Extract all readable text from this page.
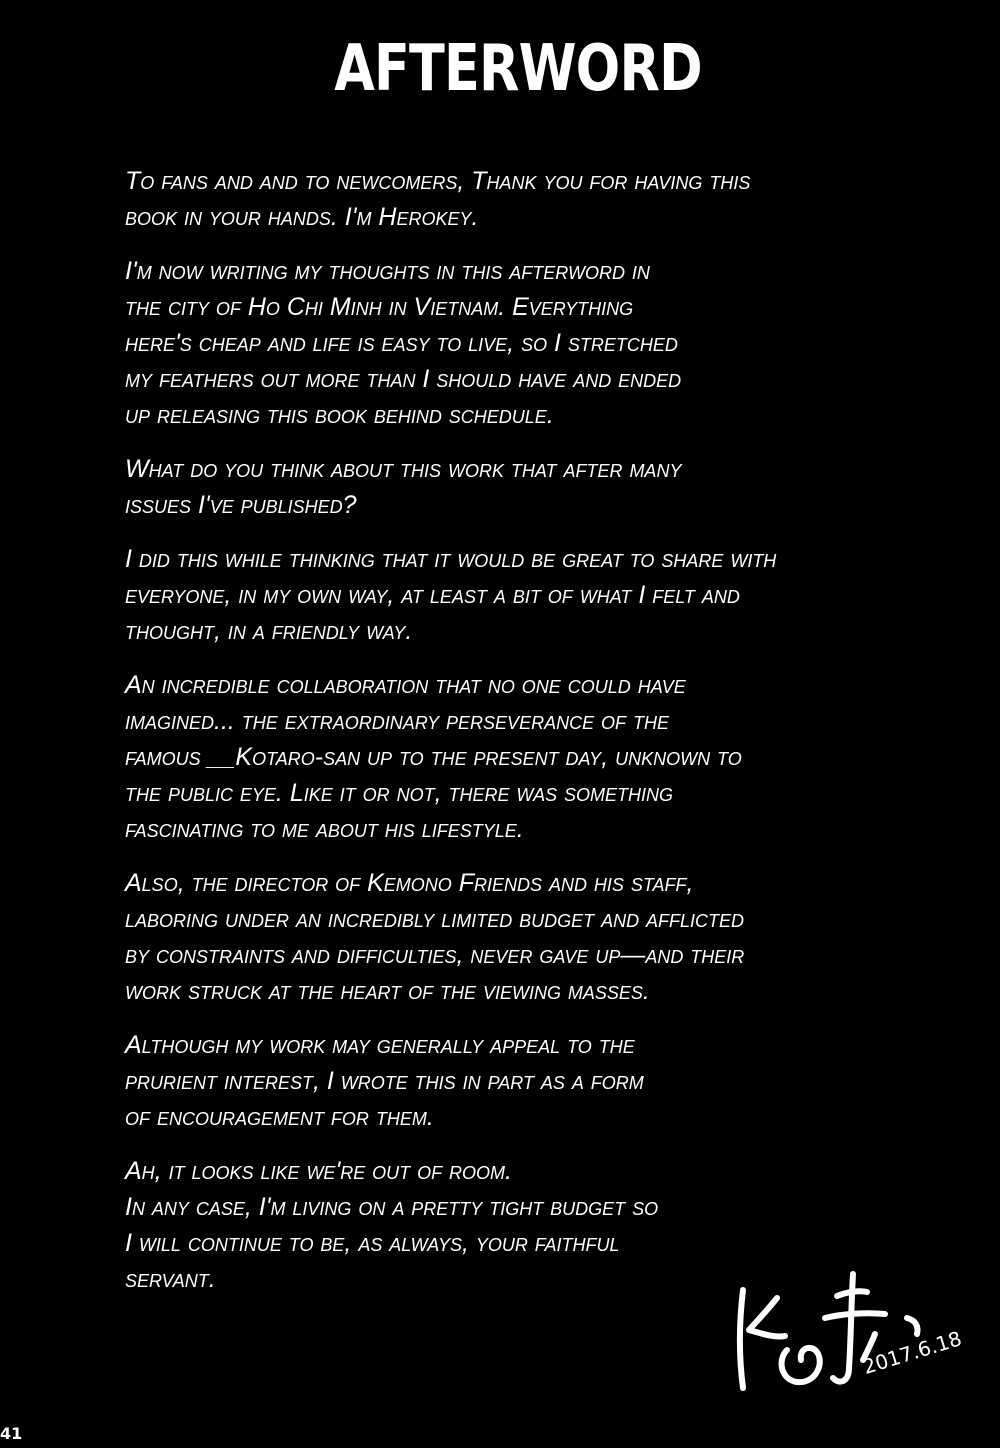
AFTERWORD

To fans and and to newcomers, Thank you for having this
book in your hands. I'm Herokey.

I'm now writing my thoughts in this afterword in
the city of Ho Chi Minh in Vietnam. Everything
here's cheap and life is easy to live, so I stretched
my feathers out more than I should have and ended
up releasing this book behind schedule.

What do you think about this work that after many
issues I've published?

I did this while thinking that it would be great to share with
everyone, in my own way, at least a bit of what I felt and
thought, in a friendly way.

An incredible collaboration that no one could have
imagined... the extraordinary perseverance of the
famous __Kotaro-san up to the present day, unknown to
the public eye. Like it or not, there was something
fascinating to me about his lifestyle.

Also, the director of Kemono Friends and his staff,
laboring under an incredibly limited budget and afflicted
by constraints and difficulties, never gave up—and their
work struck at the heart of the viewing masses.

Although my work may generally appeal to the
prurient interest, I wrote this in part as a form
of encouragement for them.

Ah, it looks like we're out of room.
In any case, I'm living on a pretty tight budget so
I will continue to be, as always, your faithful
servant.

2017.6.18
41
